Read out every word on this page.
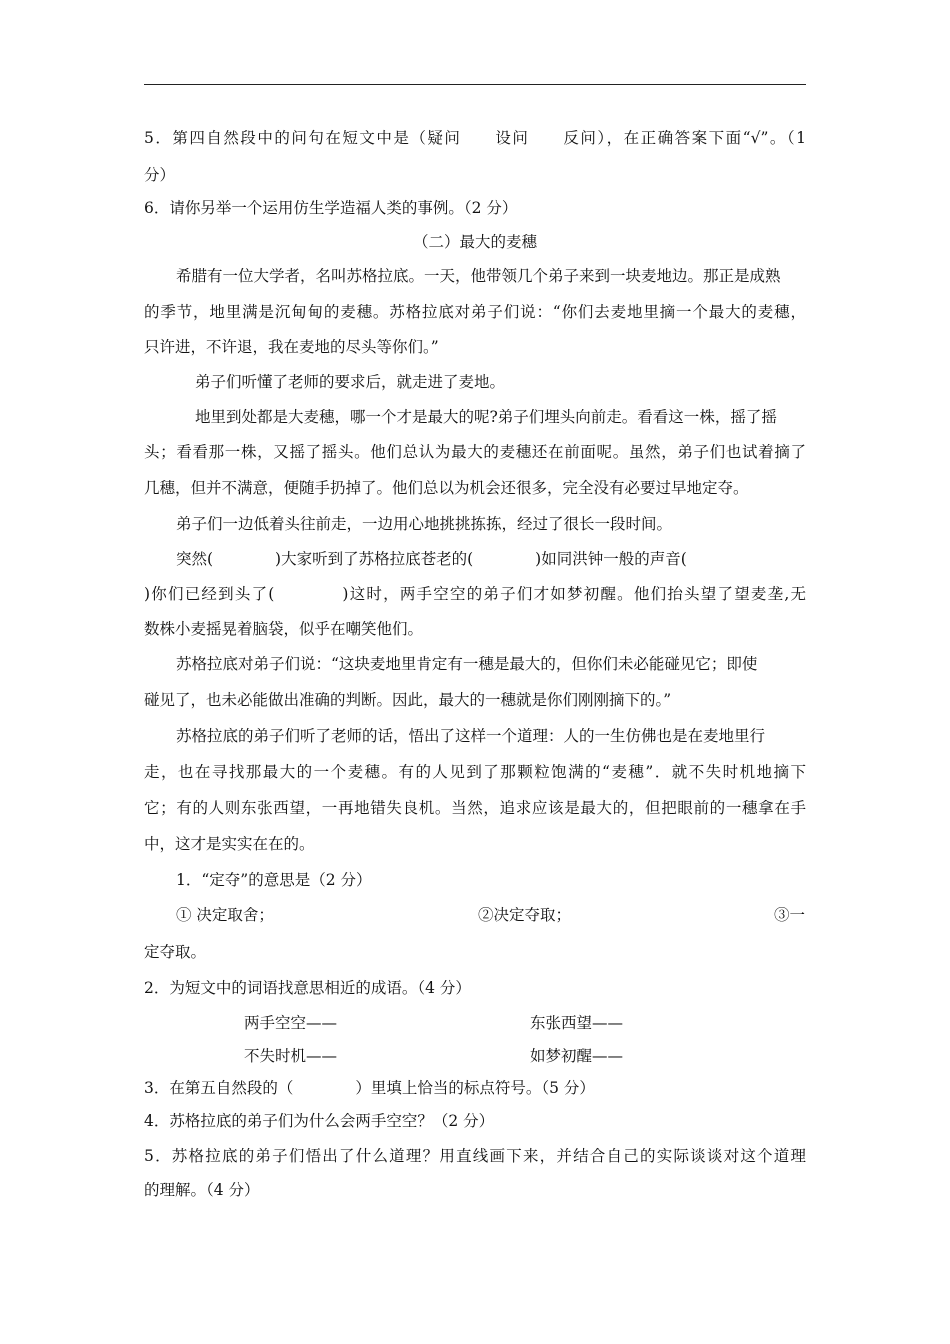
5．第四自然段中的问句在短文中是（疑问　　设问　　反问），在正确答案下面“√”。（1
分）
6．请你另举一个运用仿生学造福人类的事例。（2 分）
（二）最大的麦穗
希腊有一位大学者，名叫苏格拉底。一天，他带领几个弟子来到一块麦地边。那正是成熟
的季节，地里满是沉甸甸的麦穗。苏格拉底对弟子们说：“你们去麦地里摘一个最大的麦穗，
只许进，不许退，我在麦地的尽头等你们。”
弟子们听懂了老师的要求后，就走进了麦地。
地里到处都是大麦穗，哪一个才是最大的呢?弟子们埋头向前走。看看这一株，摇了摇
头；看看那一株，又摇了摇头。他们总认为最大的麦穗还在前面呢。虽然，弟子们也试着摘了
几穗，但并不满意，便随手扔掉了。他们总以为机会还很多，完全没有必要过早地定夺。
弟子们一边低着头往前走，一边用心地挑挑拣拣，经过了很长一段时间。
突然(　　　　)大家听到了苏格拉底苍老的(　　　　)如同洪钟一般的声音(
)你们已经到头了(　　　　)这时，两手空空的弟子们才如梦初醒。他们抬头望了望麦垄,无
数株小麦摇晃着脑袋，似乎在嘲笑他们。
苏格拉底对弟子们说：“这块麦地里肯定有一穗是最大的，但你们未必能碰见它；即使
碰见了，也未必能做出准确的判断。因此，最大的一穗就是你们刚刚摘下的。”
苏格拉底的弟子们听了老师的话，悟出了这样一个道理：人的一生仿佛也是在麦地里行
走，也在寻找那最大的一个麦穗。有的人见到了那颗粒饱满的“麦穗”．就不失时机地摘下
它；有的人则东张西望，一再地错失良机。当然，追求应该是最大的，但把眼前的一穗拿在手
中，这才是实实在在的。
1．“定夺”的意思是（2 分）
① 决定取舍；	②决定夺取；	③一
定夺取。
2．为短文中的词语找意思相近的成语。（4 分）
两手空空——	东张西望——
不失时机——	如梦初醒——
3．在第五自然段的（　　　　）里填上恰当的标点符号。（5 分）
4．苏格拉底的弟子们为什么会两手空空？（2 分）
5．苏格拉底的弟子们悟出了什么道理？用直线画下来，并结合自己的实际谈谈对这个道理
的理解。（4 分）
